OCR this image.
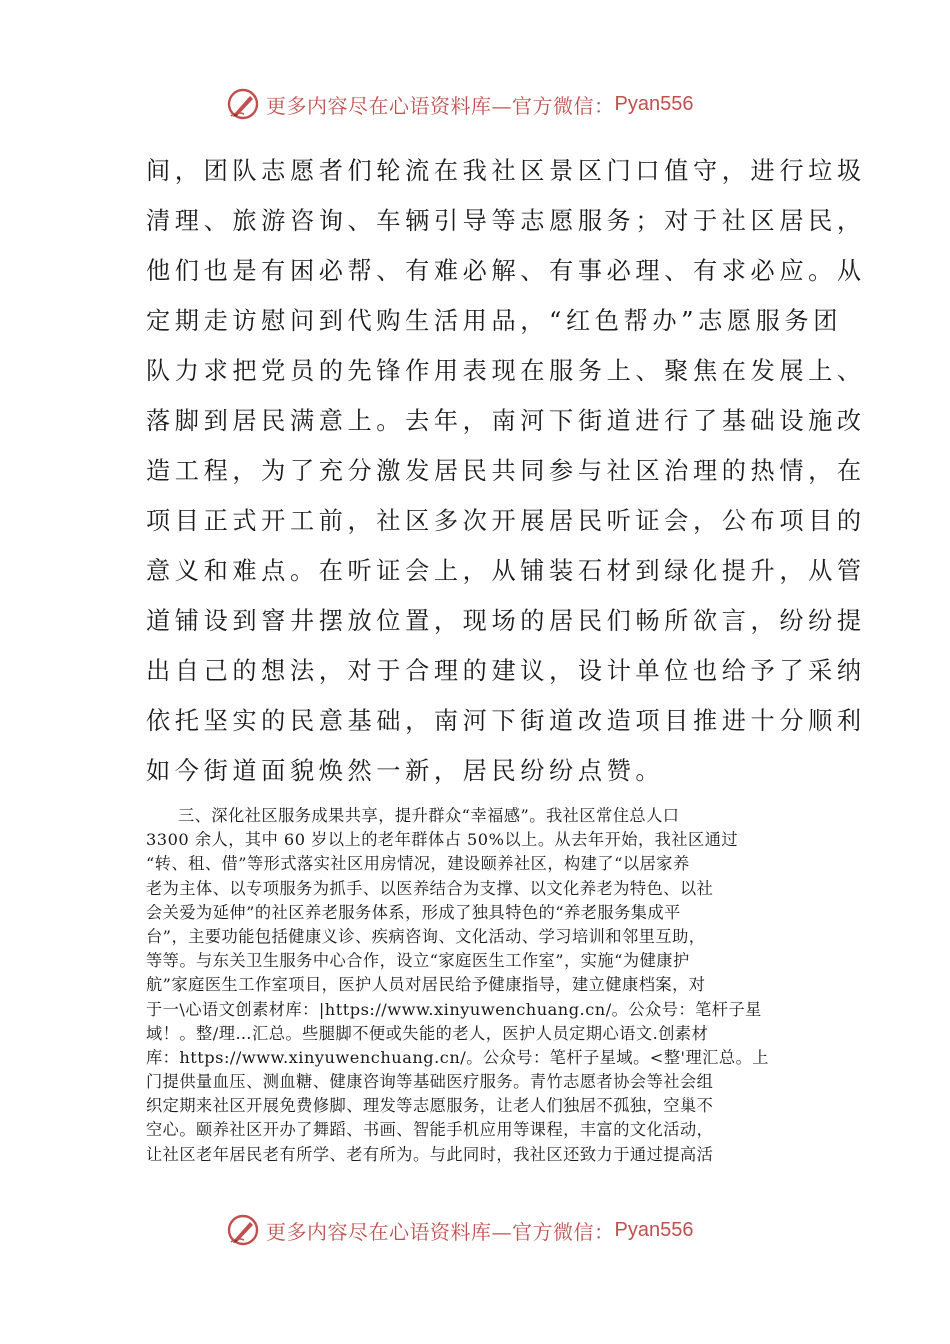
更多内容尽在心语资料库—官方微信： Pyan556
间，团队志愿者们轮流在我社区景区门口值守，进行垃圾
清理、旅游咨询、车辆引导等志愿服务；对于社区居民，
他们也是有困必帮、有难必解、有事必理、有求必应。从
定期走访慰问到代购生活用品，“红色帮办”志愿服务团
队力求把党员的先锋作用表现在服务上、聚焦在发展上、
落脚到居民满意上。去年，南河下街道进行了基础设施改
造工程，为了充分激发居民共同参与社区治理的热情，在
项目正式开工前，社区多次开展居民听证会，公布项目的
意义和难点。在听证会上，从铺装石材到绿化提升，从管
道铺设到窨井摆放位置，现场的居民们畅所欲言，纷纷提
出自己的想法，对于合理的建议，设计单位也给予了采纳
依托坚实的民意基础，南河下街道改造项目推进十分顺利
如今街道面貌焕然一新，居民纷纷点赞。
三、深化社区服务成果共享，提升群众“幸福感”。我社区常住总人口
3300 余人，其中 60 岁以上的老年群体占 50%以上。从去年开始，我社区通过
“转、租、借”等形式落实社区用房情况，建设颐养社区，构建了“以居家养
老为主体、以专项服务为抓手、以医养结合为支撑、以文化养老为特色、以社
会关爱为延伸”的社区养老服务体系，形成了独具特色的“养老服务集成平
台”，主要功能包括健康义诊、疾病咨询、文化活动、学习培训和邻里互助，
等等。与东关卫生服务中心合作，设立“家庭医生工作室”，实施“为健康护
航”家庭医生工作室项目，医护人员对居民给予健康指导，建立健康档案，对
于一\心语文创素材库：|https://www.xinyuwenchuang.cn/。公众号：笔杆子星
域！。整/理…汇总。些腿脚不便或失能的老人，医护人员定期心语文.创素材
库：https://www.xinyuwenchuang.cn/。公众号：笔杆子星域。<整'理汇总。上
门提供量血压、测血糖、健康咨询等基础医疗服务。青竹志愿者协会等社会组
织定期来社区开展免费修脚、理发等志愿服务，让老人们独居不孤独，空巢不
空心。颐养社区开办了舞蹈、书画、智能手机应用等课程，丰富的文化活动，
让社区老年居民老有所学、老有所为。与此同时，我社区还致力于通过提高活
更多内容尽在心语资料库—官方微信： Pyan556
